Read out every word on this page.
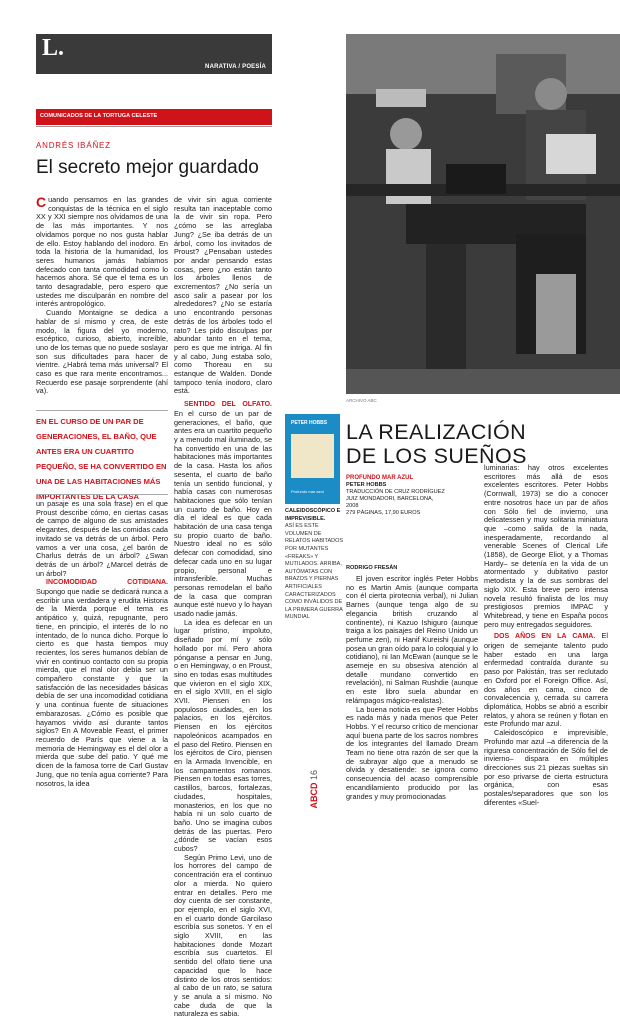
L.
NARATIVA / POESÍA
COMUNICADOS DE LA TORTUGA CELESTE
ANDRÉS IBÁÑEZ
El secreto mejor guardado

Cuando pensamos en las grandes conquistas de la técnica en el siglo XX y XXI siempre nos olvidamos de una de las más importantes. Y nos olvidamos porque no nos gusta hablar de ello. Estoy hablando del inodoro. En toda la historia de la humanidad, los seres humanos jamás habíamos defecado con tanta comodidad como lo hacemos ahora. Sé que el tema es un tanto desagradable, pero espero que ustedes me disculparán en nombre del interés antropológico.

Cuando Montaigne se dedica a hablar de sí mismo y crea, de este modo, la figura del yo moderno, escéptico, curioso, abierto, increíble, uno de los temas que no puede soslayar son sus dificultades para hacer de vientre. ¿Habrá tema más universal? El caso es que rara mente encontramos... Recuerdo ese pasaje sorprendente (ahí va).

EN EL CURSO DE UN PAR DE GENERACIONES, EL BAÑO, QUE ANTES ERA UN CUARTITO PEQUEÑO, SE HA CONVERTIDO EN UNA DE LAS HABITACIONES MÁS IMPORTANTES DE LA CASA

un pasaje es una sola frase) en el que Proust describe cómo, en ciertas casas de campo de alguno de sus amistades elegantes, después de las comidas cada invitado se va detrás de un árbol. Pero vamos a ver una cosa, ¿el barón de Charlus detrás de un árbol? ¿Swan detrás de un árbol? ¿Marcel detrás de un árbol?

INCOMODIDAD COTIDIANA. Supongo que nadie se dedicará nunca a escribir una verdadera y erudita Historia de la Mierda porque el tema es antipático y, quizá, repugnante, pero tiene, en principio, el interés de lo no intentado, de lo nunca dicho. Porque lo cierto es que hasta tiempos muy recientes, los seres humanos debían de vivir en continuo contacto con su propia mierda, que el mal olor debía ser un compañero constante y que la satisfacción de las necesidades básicas debía de ser una incomodidad cotidiana y una continua fuente de situaciones embarazosas. ¿Cómo es posible que hayamos vivido así durante tantos siglos? En A Moveable Feast, el primer recuerdo de París que viene a la memoria de Hemingway es el del olor a mierda que sube del patio. Y qué me dicen de la famosa torre de Carl Gustav Jung, que no tenía agua corriente? Para nosotros, la idea

de vivir sin agua corriente resulta tan inaceptable como la de vivir sin ropa. Pero ¿cómo se las arreglaba Jung? ¿Se iba detrás de un árbol, como los invitados de Proust? ¿Pensaban ustedes por andar pensando estas cosas, pero ¿no están tanto los árboles llenos de excrementos? ¿No sería un asco salir a pasear por los alrededores? ¿No se estaría uno encontrando personas detrás de los árboles todo el rato? Les pido disculpas por abundar tanto en el tema, pero es que me intriga. Al fin y al cabo, Jung estaba solo, como Thoreau en su estanque de Walden. Donde tampoco tenía inodoro, claro está.

SENTIDO DEL OLFATO. En el curso de un par de generaciones, el baño, que antes era un cuartito pequeño y a menudo mal iluminado, se ha convertido en una de las habitaciones más importantes de la casa. Hasta los años sesenta, el cuarto de baño tenía un sentido funcional, y había casas con numerosas habitaciones que sólo tenían un cuarto de baño. Hoy en día el ideal es que cada habitación de una casa tenga su propio cuarto de baño. Nuestro ideal no es sólo defecar con comodidad, sino defecar cada uno en su lugar propio, personal e intransferible. Muchas personas remodelan el baño de la casa que compran aunque esté nuevo y lo hayan usado nadie jamás.

La idea es defecar en un lugar prístino, impoluto, diseñado por mí y sólo hollado por mí. Pero ahora pónganse a pensar en Jung, o en Hemingway, o en Proust, sino en todas esas multitudes que vivieron en el siglo XIX, en el siglo XVIII, en el siglo XVII. Piensen en los populosos ciudades, en los palacios, en los ejércitos. Piensen en los ejércitos napoleónicos acampados en el paso del Retiro. Piensen en los ejércitos de Ciro, piensen en la Armada Invencible, en los campamentos romanos. Piensen en todas esas torres, castillos, barcos, fortalezas, ciudades, hospitales, monasterios, en los que no había ni un solo cuarto de baño. Uno se imagina cubos detrás de las puertas. Pero ¿dónde se vacían esos cubos?

Según Primo Levi, uno de los horrores del campo de concentración era el continuo olor a mierda. No quiero entrar en detalles. Pero me doy cuenta de ser constante, por ejemplo, en el siglo XVI, en el cuarto donde Garcilaso escribía sus sonetos. Y en el siglo XVIII, en las habitaciones donde Mozart escribía sus cuartetos. El sentido del olfato tiene una capacidad que lo hace distinto de los otros sentidos: al cabo de un rato, se satura y se anula a sí mismo. No cabe duda de que la naturaleza es sabia.

ARCHIVO ABC
PETER HOBBS
Profundo mar azul
CALEIDOSCÓPICO E IMPREVISIBLE.
ASÍ ES ESTE VOLUMEN DE RELATOS HABITADOS POR MUTANTES «FREAKS» Y MUTILADOS. ARRIBA, AUTÓMATAS CON BRAZOS Y PIERNAS ARTIFICIALES CARACTERIZADOS COMO INVÁLIDOS DE LA PRIMERA GUERRA MUNDIAL
LA REALIZACIÓN
DE LOS SUEÑOS
PROFUNDO MAR AZUL
PETER HOBBS
TRADUCCIÓN DE CRUZ RODRÍGUEZ JUIZ MONDADORI, BARCELONA, 2008
279 PÁGINAS, 17,90 EUROS
RODRIGO FRESÁN

El joven escritor inglés Peter Hobbs no es Martin Amis (aunque comparta con él cierta pirotecnia verbal), ni Julian Barnes (aunque tenga algo de su elegancia british cruzando al continente), ni Kazuo Ishiguro (aunque traiga a los paisajes del Reino Unido un perfume zen), ni Hanif Kureishi (aunque posea un gran oído para lo coloquial y lo cotidiano), ni Ian McEwan (aunque se le asemeje en su obsesiva atención al detalle mundano convertido en revelación), ni Salman Rushdie (aunque en este libro suela abundar en relámpagos mágico-realistas).

La buena noticia es que Peter Hobbs es nada más y nada menos que Peter Hobbs. Y el recurso crítico de mencionar aquí buena parte de los sacros nombres de los integrantes del llamado Dream Team no tiene otra razón de ser que la de subrayar algo que a menudo se olvida y desatiende: se ignora como consecuencia del acaso comprensible encandilamiento producido por las grandes y muy promocionadas

luminarias: hay otros excelentes escritores más allá de esos excelentes escritores. Peter Hobbs (Cornwall, 1973) se dio a conocer entre nosotros hace un par de años con Sólo fiel de invierno, una delicatessen y muy solitaria miniatura que –como salida de la nada, inesperadamente, recordando al venerable Scenes of Clerical Life (1858), de George Eliot, y a Thomas Hardy– se detenía en la vida de un atormentado y dubitativo pastor metodista y la de sus sombras del siglo XIX. Esta breve pero intensa novela resultó finalista de los muy prestigiosos premios IMPAC y Whitebread, y tiene en España pocos pero muy entregados seguidores.

DOS AÑOS EN LA CAMA. El origen de semejante talento pudo haber estado en una larga enfermedad contraída durante su paso por Pakistán, tras ser reclutado en Oxford por el Foreign Office. Así, dos años en cama, cinco de convalecencia y, cerrada su carrera diplomática, Hobbs se abrió a escribir relatos, y ahora se reúnen y flotan en este Profundo mar azul.

Caleidoscópico e imprevisible, Profundo mar azul –a diferencia de la riguresa concentración de Sólo fiel de invierno– dispara en múltiples direcciones sus 21 piezas sueltas sin por eso privarse de cierta estructura orgánica, con esas postales/separadores que son los diferentes «Suel-

ABCD 16
